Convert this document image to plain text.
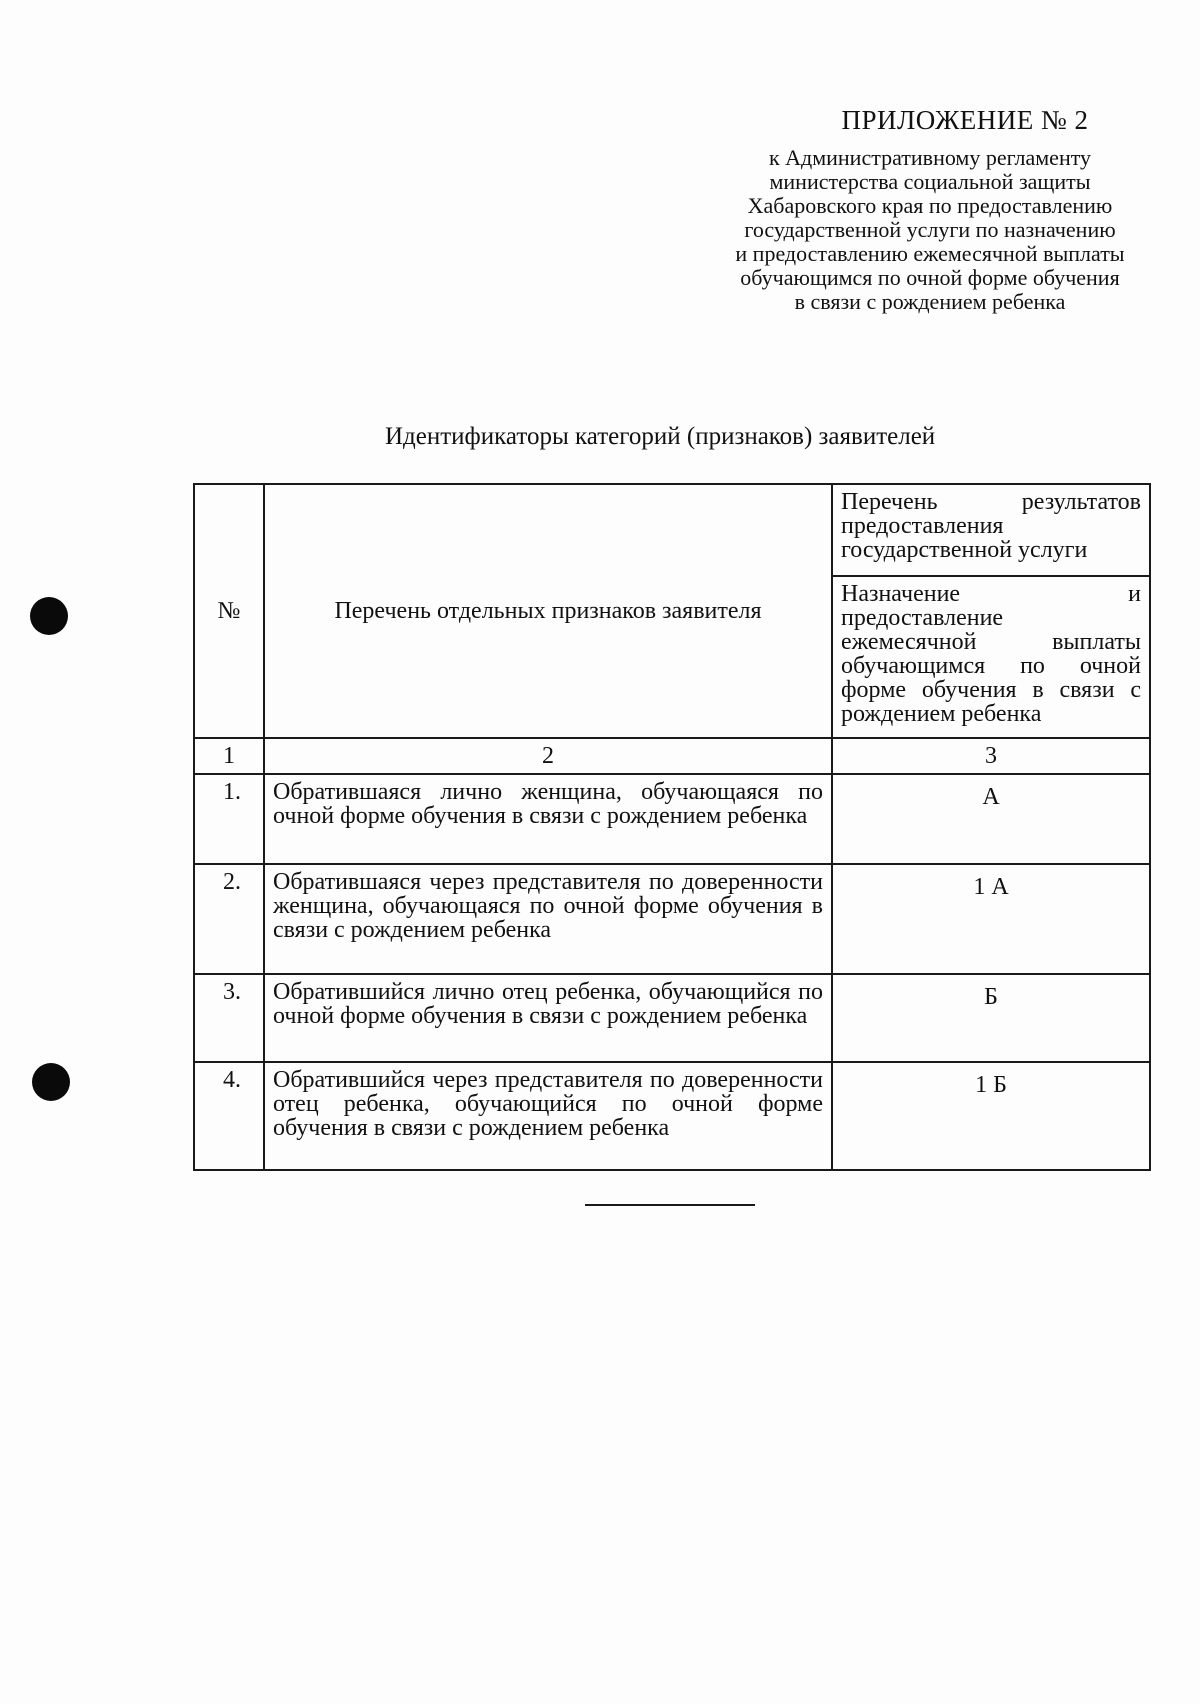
ПРИЛОЖЕНИЕ № 2
к Административному регламенту
министерства социальной защиты
Хабаровского края по предоставлению
государственной услуги по назначению
и предоставлению ежемесячной выплаты
обучающимся по очной форме обучения
в связи с рождением ребенка
Идентификаторы категорий (признаков) заявителей
№	Перечень отдельных признаков заявителя	Перечень результатов предоставления государственной услуги
		Назначение и предоставление ежемесячной выплаты обучающимся по очной форме обучения в связи с рождением ребенка
1	2	3
1.	Обратившаяся лично женщина, обучающаяся по очной форме обучения в связи с рождением ребенка	А
2.	Обратившаяся через представителя по доверенности женщина, обучающаяся по очной форме обучения в связи с рождением ребенка	1 А
3.	Обратившийся лично отец ребенка, обучающийся по очной форме обучения в связи с рождением ребенка	Б
4.	Обратившийся через представителя по доверенности отец ребенка, обучающийся по очной форме обучения в связи с рождением ребенка	1 Б
